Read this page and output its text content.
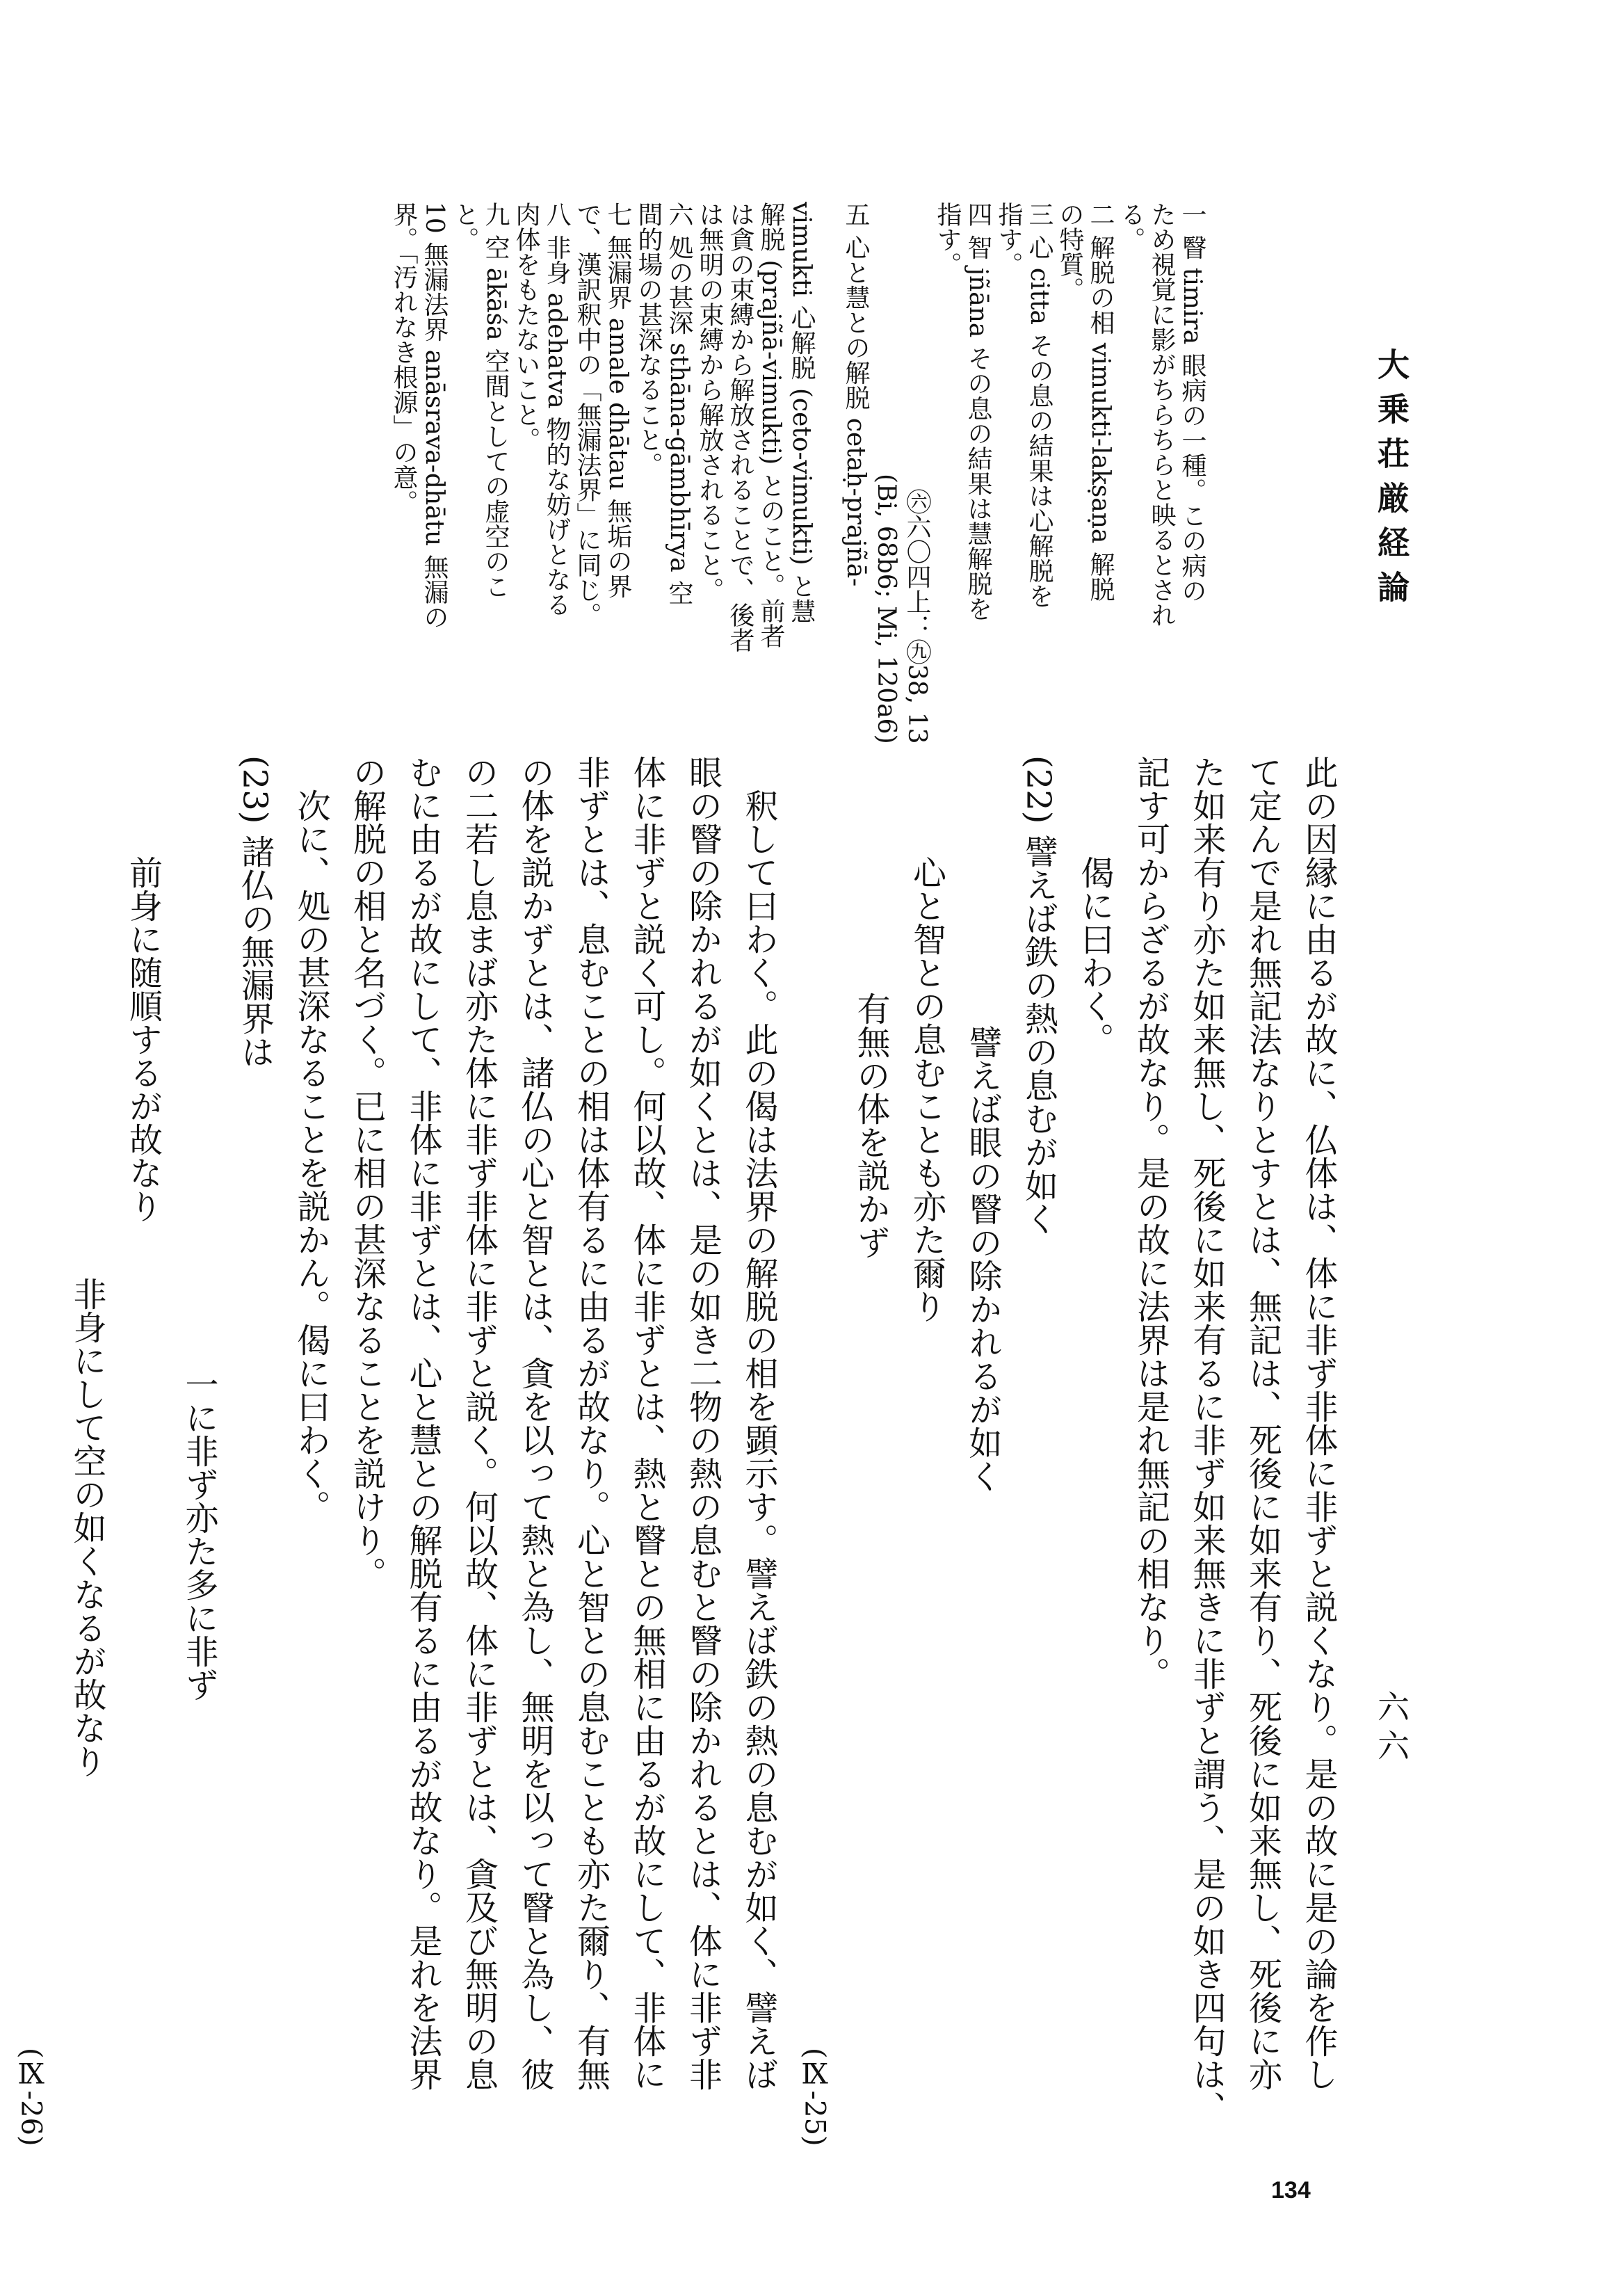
大乗荘厳経論
六六
134
此の因縁に由るが故に、仏体は、体に非ず非体に非ずと説くなり。是の故に是の論を作し
て定んで是れ無記法なりとすとは、無記は、死後に如来有り、死後に如来無し、死後に亦
た如来有り亦た如来無し、死後に如来有るに非ず如来無きに非ずと謂う、是の如き四句は、
記す可からざるが故なり。是の故に法界は是れ無記の相なり。
偈に曰わく。
(22) 譬えば鉄の熱の息むが如く
譬えば眼の瞖の除かれるが如く
心と智との息むことも亦た爾り
有無の体を説かず
(Ⅸ-25)
釈して曰わく。此の偈は法界の解脱の相を顕示す。譬えば鉄の熱の息むが如く、譬えば
眼の瞖の除かれるが如くとは、是の如き二物の熱の息むと瞖の除かれるとは、体に非ず非
体に非ずと説く可し。何以故、体に非ずとは、熱と瞖との無相に由るが故にして、非体に
非ずとは、息むことの相は体有るに由るが故なり。心と智との息むことも亦た爾り、有無
の体を説かずとは、諸仏の心と智とは、貪を以って熱と為し、無明を以って瞖と為し、彼
の二若し息まば亦た体に非ず非体に非ずと説く。何以故、体に非ずとは、貪及び無明の息
むに由るが故にして、非体に非ずとは、心と慧との解脱有るに由るが故なり。是れを法界
の解脱の相と名づく。已に相の甚深なることを説けり。
次に、処の甚深なることを説かん。偈に曰わく。
(23) 諸仏の無漏界は
一に非ず亦た多に非ず
前身に随順するが故なり
非身にして空の如くなるが故なり
(Ⅸ-26)
一 瞖 timira 眼病の一種。この病の
ため視覚に影がちらちらと映るとされ
る。
二 解脱の相 vimukti-lakṣaṇa 解脱
の特質。
三 心 citta その息の結果は心解脱を
指す。
四 智 jñāna その息の結果は慧解脱を
指す。
㊅六〇四上：㊈38, 13
(Bi, 68b6; Mi, 120a6)
五 心と慧との解脱 cetaḥ-prajñā-
vimukti 心解脱 (ceto-vimukti) と慧
解脱 (prajñā-vimukti) とのこと。前者
は貪の束縛から解放されることで、後者
は無明の束縛から解放されること。
六 処の甚深 sthāna-gāmbhīrya 空
間的場の甚深なること。
七 無漏界 amale dhātau 無垢の界
で、漢訳釈中の「無漏法界」に同じ。
八 非身 adehatva 物的な妨げとなる
肉体をもたないこと。
九 空 ākāśa 空間としての虚空のこ
と。
10 無漏法界 anāsrava-dhātu 無漏の
界。「汚れなき根源」の意。
